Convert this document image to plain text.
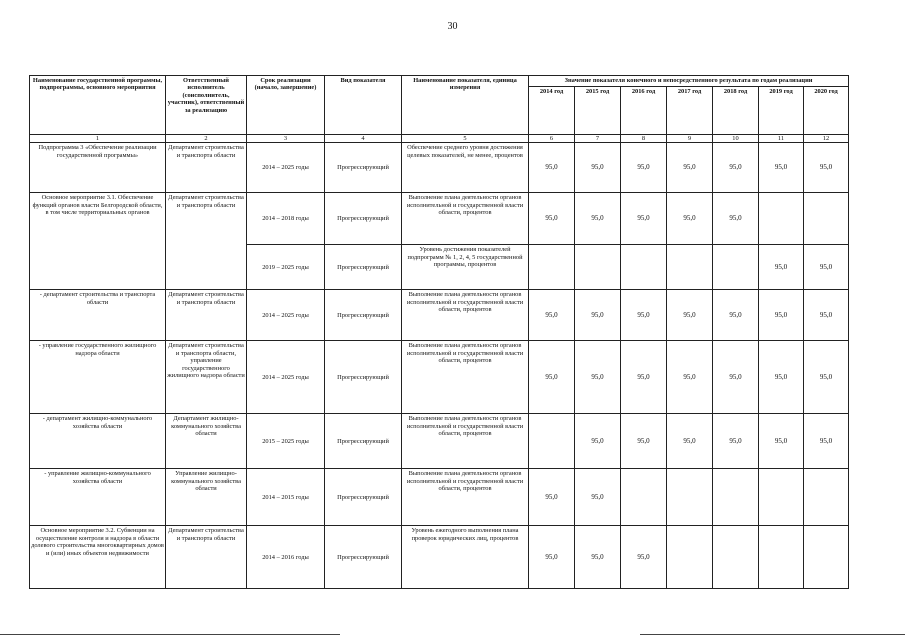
30
Наименование государственной программы, подпрограммы, основного мероприятия	Ответственный исполнитель (соисполнитель, участник), ответственный за реализацию	Срок реализации (начало, завершение)	Вид показателя	Наименование показателя, единица измерения	Значение показателя конечного и непосредственного результата по годам реализации						
					2014 год	2015 год	2016 год	2017 год	2018 год	2019 год	2020 год
1	2	3	4	5	6	7	8	9	10	11	12
Подпрограмма 3 «Обеспечение реализации государственной программы»	Департамент строительства и транспорта области	2014 – 2025 годы	Прогрессирующий	Обеспечение среднего уровня достижения целевых показателей, не менее, процентов	95,0	95,0	95,0	95,0	95,0	95,0	95,0
Основное мероприятие 3.1. Обеспечение функций органов власти Белгородской области, в том числе территориальных органов	Департамент строительства и транспорта области	2014 – 2018 годы	Прогрессирующий	Выполнение плана деятельности органов исполнительной и государственной власти области, процентов	95,0	95,0	95,0	95,0	95,0		
		2019 – 2025 годы	Прогрессирующий	Уровень достижения показателей подпрограмм № 1, 2, 4, 5 государственной программы, процентов						95,0	95,0
- департамент строительства и транспорта области	Департамент строительства и транспорта области	2014 – 2025 годы	Прогрессирующий	Выполнение плана деятельности органов исполнительной и государственной власти области, процентов	95,0	95,0	95,0	95,0	95,0	95,0	95,0
- управление государственного жилищного надзора области	Департамент строительства и транспорта области, управление государственного жилищного надзора области	2014 – 2025 годы	Прогрессирующий	Выполнение плана деятельности органов исполнительной и государственной власти области, процентов	95,0	95,0	95,0	95,0	95,0	95,0	95,0
- департамент жилищно-коммунального хозяйства области	Департамент жилищно-коммунального хозяйства области	2015 – 2025 годы	Прогрессирующий	Выполнение плана деятельности органов исполнительной и государственной власти области, процентов		95,0	95,0	95,0	95,0	95,0	95,0
- управление жилищно-коммунального хозяйства области	Управление жилищно-коммунального хозяйства области	2014 – 2015 годы	Прогрессирующий	Выполнение плана деятельности органов исполнительной и государственной власти области, процентов	95,0	95,0					
Основное мероприятие 3.2. Субвенции на осуществление контроля и надзора в области долевого строительства многоквартирных домов и (или) иных объектов недвижимости	Департамент строительства и транспорта области	2014 – 2016 годы	Прогрессирующий	Уровень ежегодного выполнения плана проверок юридических лиц, процентов	95,0	95,0	95,0				
